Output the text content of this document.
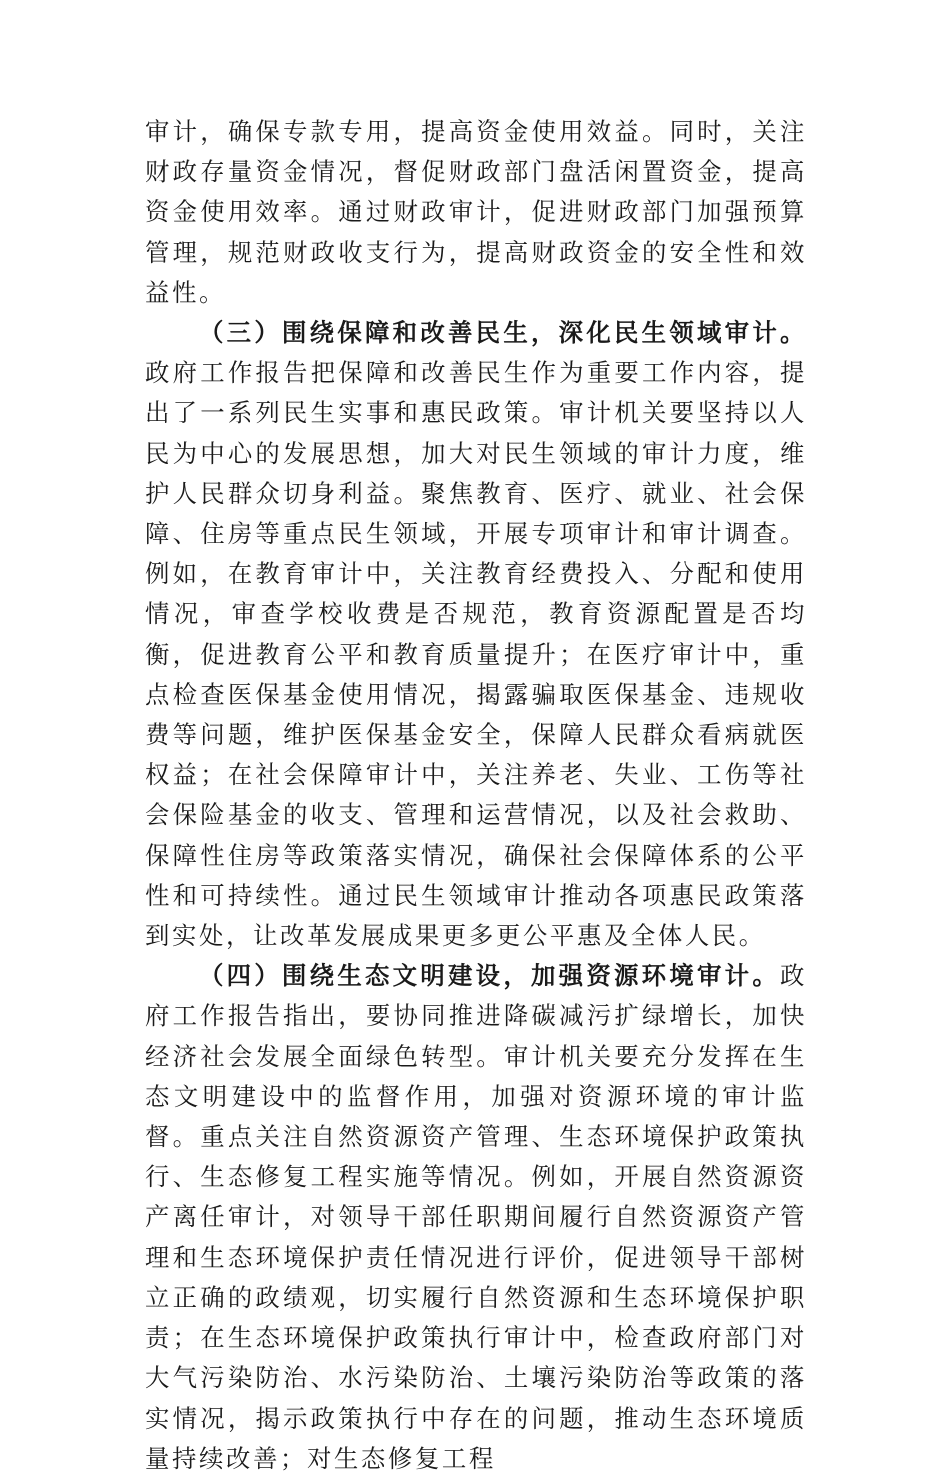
审计，确保专款专用，提高资金使用效益。同时，关注财政存量资金情况，督促财政部门盘活闲置资金，提高资金使用效率。通过财政审计，促进财政部门加强预算管理，规范财政收支行为，提高财政资金的安全性和效益性。

（三）围绕保障和改善民生，深化民生领域审计。政府工作报告把保障和改善民生作为重要工作内容，提出了一系列民生实事和惠民政策。审计机关要坚持以人民为中心的发展思想，加大对民生领域的审计力度，维护人民群众切身利益。聚焦教育、医疗、就业、社会保障、住房等重点民生领域，开展专项审计和审计调查。例如，在教育审计中，关注教育经费投入、分配和使用情况，审查学校收费是否规范，教育资源配置是否均衡，促进教育公平和教育质量提升；在医疗审计中，重点检查医保基金使用情况，揭露骗取医保基金、违规收费等问题，维护医保基金安全，保障人民群众看病就医权益；在社会保障审计中，关注养老、失业、工伤等社会保险基金的收支、管理和运营情况，以及社会救助、保障性住房等政策落实情况，确保社会保障体系的公平性和可持续性。通过民生领域审计推动各项惠民政策落到实处，让改革发展成果更多更公平惠及全体人民。

（四）围绕生态文明建设，加强资源环境审计。政府工作报告指出，要协同推进降碳减污扩绿增长，加快经济社会发展全面绿色转型。审计机关要充分发挥在生态文明建设中的监督作用，加强对资源环境的审计监督。重点关注自然资源资产管理、生态环境保护政策执行、生态修复工程实施等情况。例如，开展自然资源资产离任审计，对领导干部任职期间履行自然资源资产管理和生态环境保护责任情况进行评价，促进领导干部树立正确的政绩观，切实履行自然资源和生态环境保护职责；在生态环境保护政策执行审计中，检查政府部门对大气污染防治、水污染防治、土壤污染防治等政策的落实情况，揭示政策执行中存在的问题，推动生态环境质量持续改善；对生态修复工程
